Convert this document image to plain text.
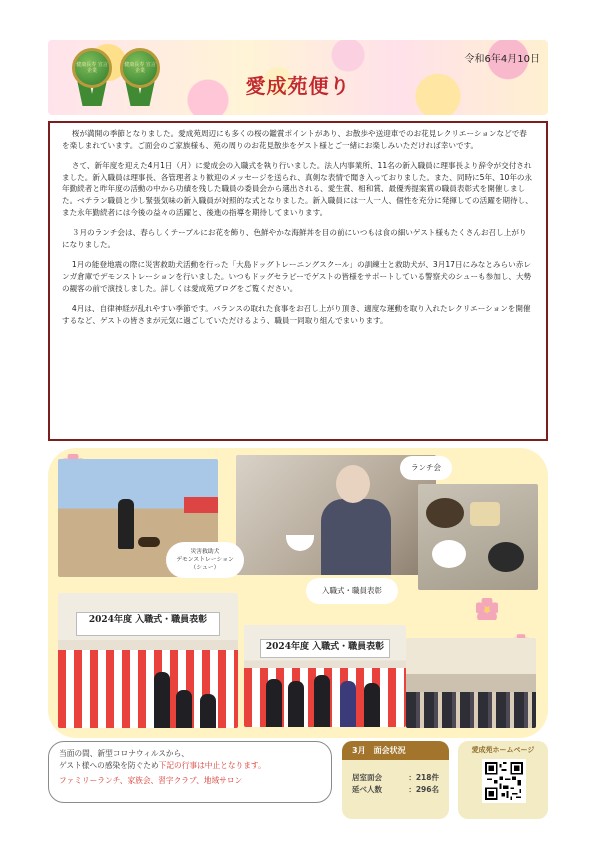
健康長寿 宣言企業
健康長寿 宣言企業
令和6年4月10日
愛成苑便り

桜が満開の季節となりました。愛成苑周辺にも多くの桜の鑑賞ポイントがあり、お散歩や送迎車でのお花見レクリエーションなどで春を楽しまれています。ご面会のご家族様も、苑の周りのお花見散歩をゲスト様とご一緒にお楽しみいただければ幸いです。

さて、新年度を迎えた4月1日（月）に愛成会の入職式を執り行いました。法人内事業所、11名の新入職員に理事長より辞令が交付されました。新入職員は理事長、各管理者より歓迎のメッセージを送られ、真剣な表情で聞き入っておりました。また、同時に5年、10年の永年勤続者と昨年度の活動の中から功績を残した職員の委員会から選出される、愛生賞、相和賞、最優秀提案賞の職員表彰式を開催しました。ベテラン職員と少し緊張気味の新入職員が対照的な式となりました。新入職員には一人一人、個性を充分に発揮しての活躍を期待し、また永年勤続者には今後の益々の活躍と、後進の指導を期待してまいります。

３月のランチ会は、春らしくテーブルにお花を飾り、色鮮やかな海鮮丼を目の前にいつもは食の細いゲスト様もたくさんお召し上がりになりました。

1月の能登地震の際に災害救助犬活動を行った「大島ドッグトレーニングスクール」の訓練士と救助犬が、3月17日にみなとみらい赤レンガ倉庫でデモンストレーションを行いました。いつもドッグセラピーでゲストの皆様をサポートしている警察犬のシューも参加し、大勢の観客の前で演技しました。詳しくは愛成苑ブログをご覧ください。

4月は、自律神経が乱れやすい季節です。バランスの取れた食事をお召し上がり頂き、適度な運動を取り入れたレクリエーションを開催するなど、ゲストの皆さまが元気に過ごしていただけるよう、職員一同取り組んでまいります。

2024年度 入職式・職員表彰
2024年度 入職式・職員表彰
災害救助犬
デモンストレーション
（シュー）
ランチ会
入職式・職員表彰
当面の間、新型コロナウィルスから、
ゲスト様への感染を防ぐため下記の行事は中止となります。
ファミリーランチ、家族会、習字クラブ、地域サロン
3月　面会状況
居室面会	：218件
延べ人数	：296名
愛成苑ホームページ
